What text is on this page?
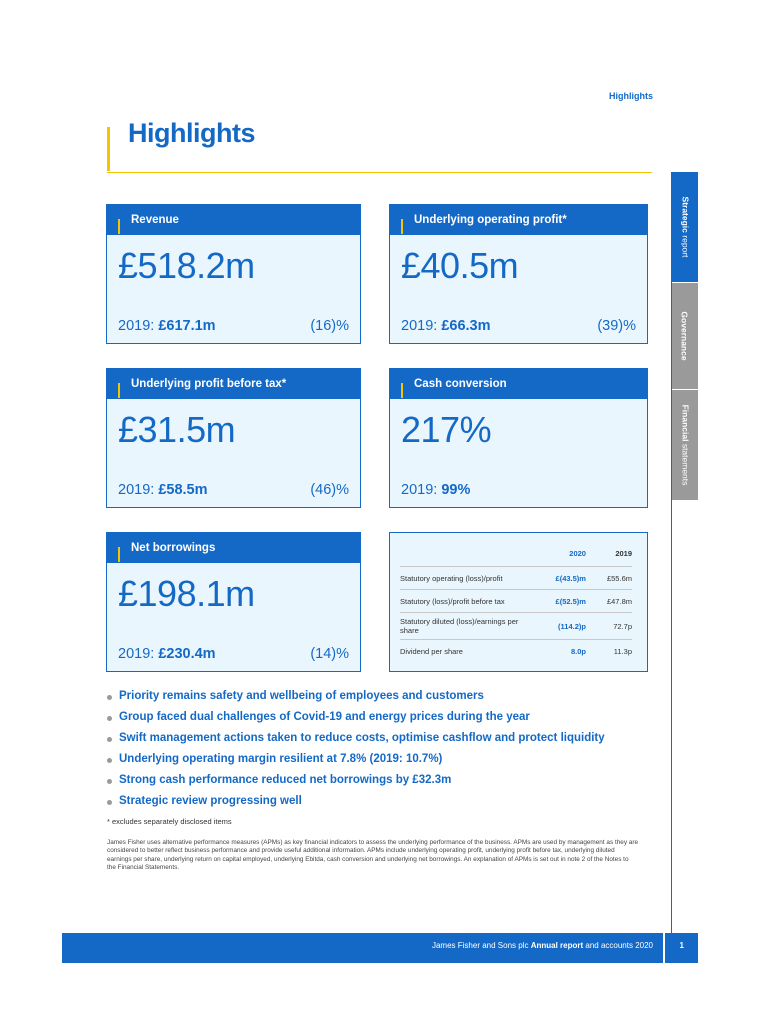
Highlights
Highlights
Strategic report
Governance
Financial statements
Revenue
£518.2m
2019: £617.1m	(16)%
Underlying operating profit*
£40.5m
2019: £66.3m	(39)%
Underlying profit before tax*
£31.5m
2019: £58.5m	(46)%
Cash conversion
217%
2019: 99%
Net borrowings
£198.1m
2019: £230.4m	(14)%
	2020	2019
Statutory operating (loss)/profit	£(43.5)m	£55.6m
Statutory (loss)/profit before tax	£(52.5)m	£47.8m
Statutory diluted (loss)/earnings per share	(114.2)p	72.7p
Dividend per share	8.0p	11.3p
Priority remains safety and wellbeing of employees and customers
Group faced dual challenges of Covid-19 and energy prices during the year
Swift management actions taken to reduce costs, optimise cashflow and protect liquidity
Underlying operating margin resilient at 7.8% (2019: 10.7%)
Strong cash performance reduced net borrowings by £32.3m
Strategic review progressing well
* excludes separately disclosed items

James Fisher uses alternative performance measures (APMs) as key financial indicators to assess the underlying performance of the business. APMs are used by management as they are considered to better reflect business performance and provide useful additional information. APMs include underlying operating profit, underlying profit before tax, underlying diluted earnings per share, underlying return on capital employed, underlying Ebitda, cash conversion and underlying net borrowings. An explanation of APMs is set out in note 2 of the Notes to the Financial Statements.

James Fisher and Sons plc Annual report and accounts 2020	1
